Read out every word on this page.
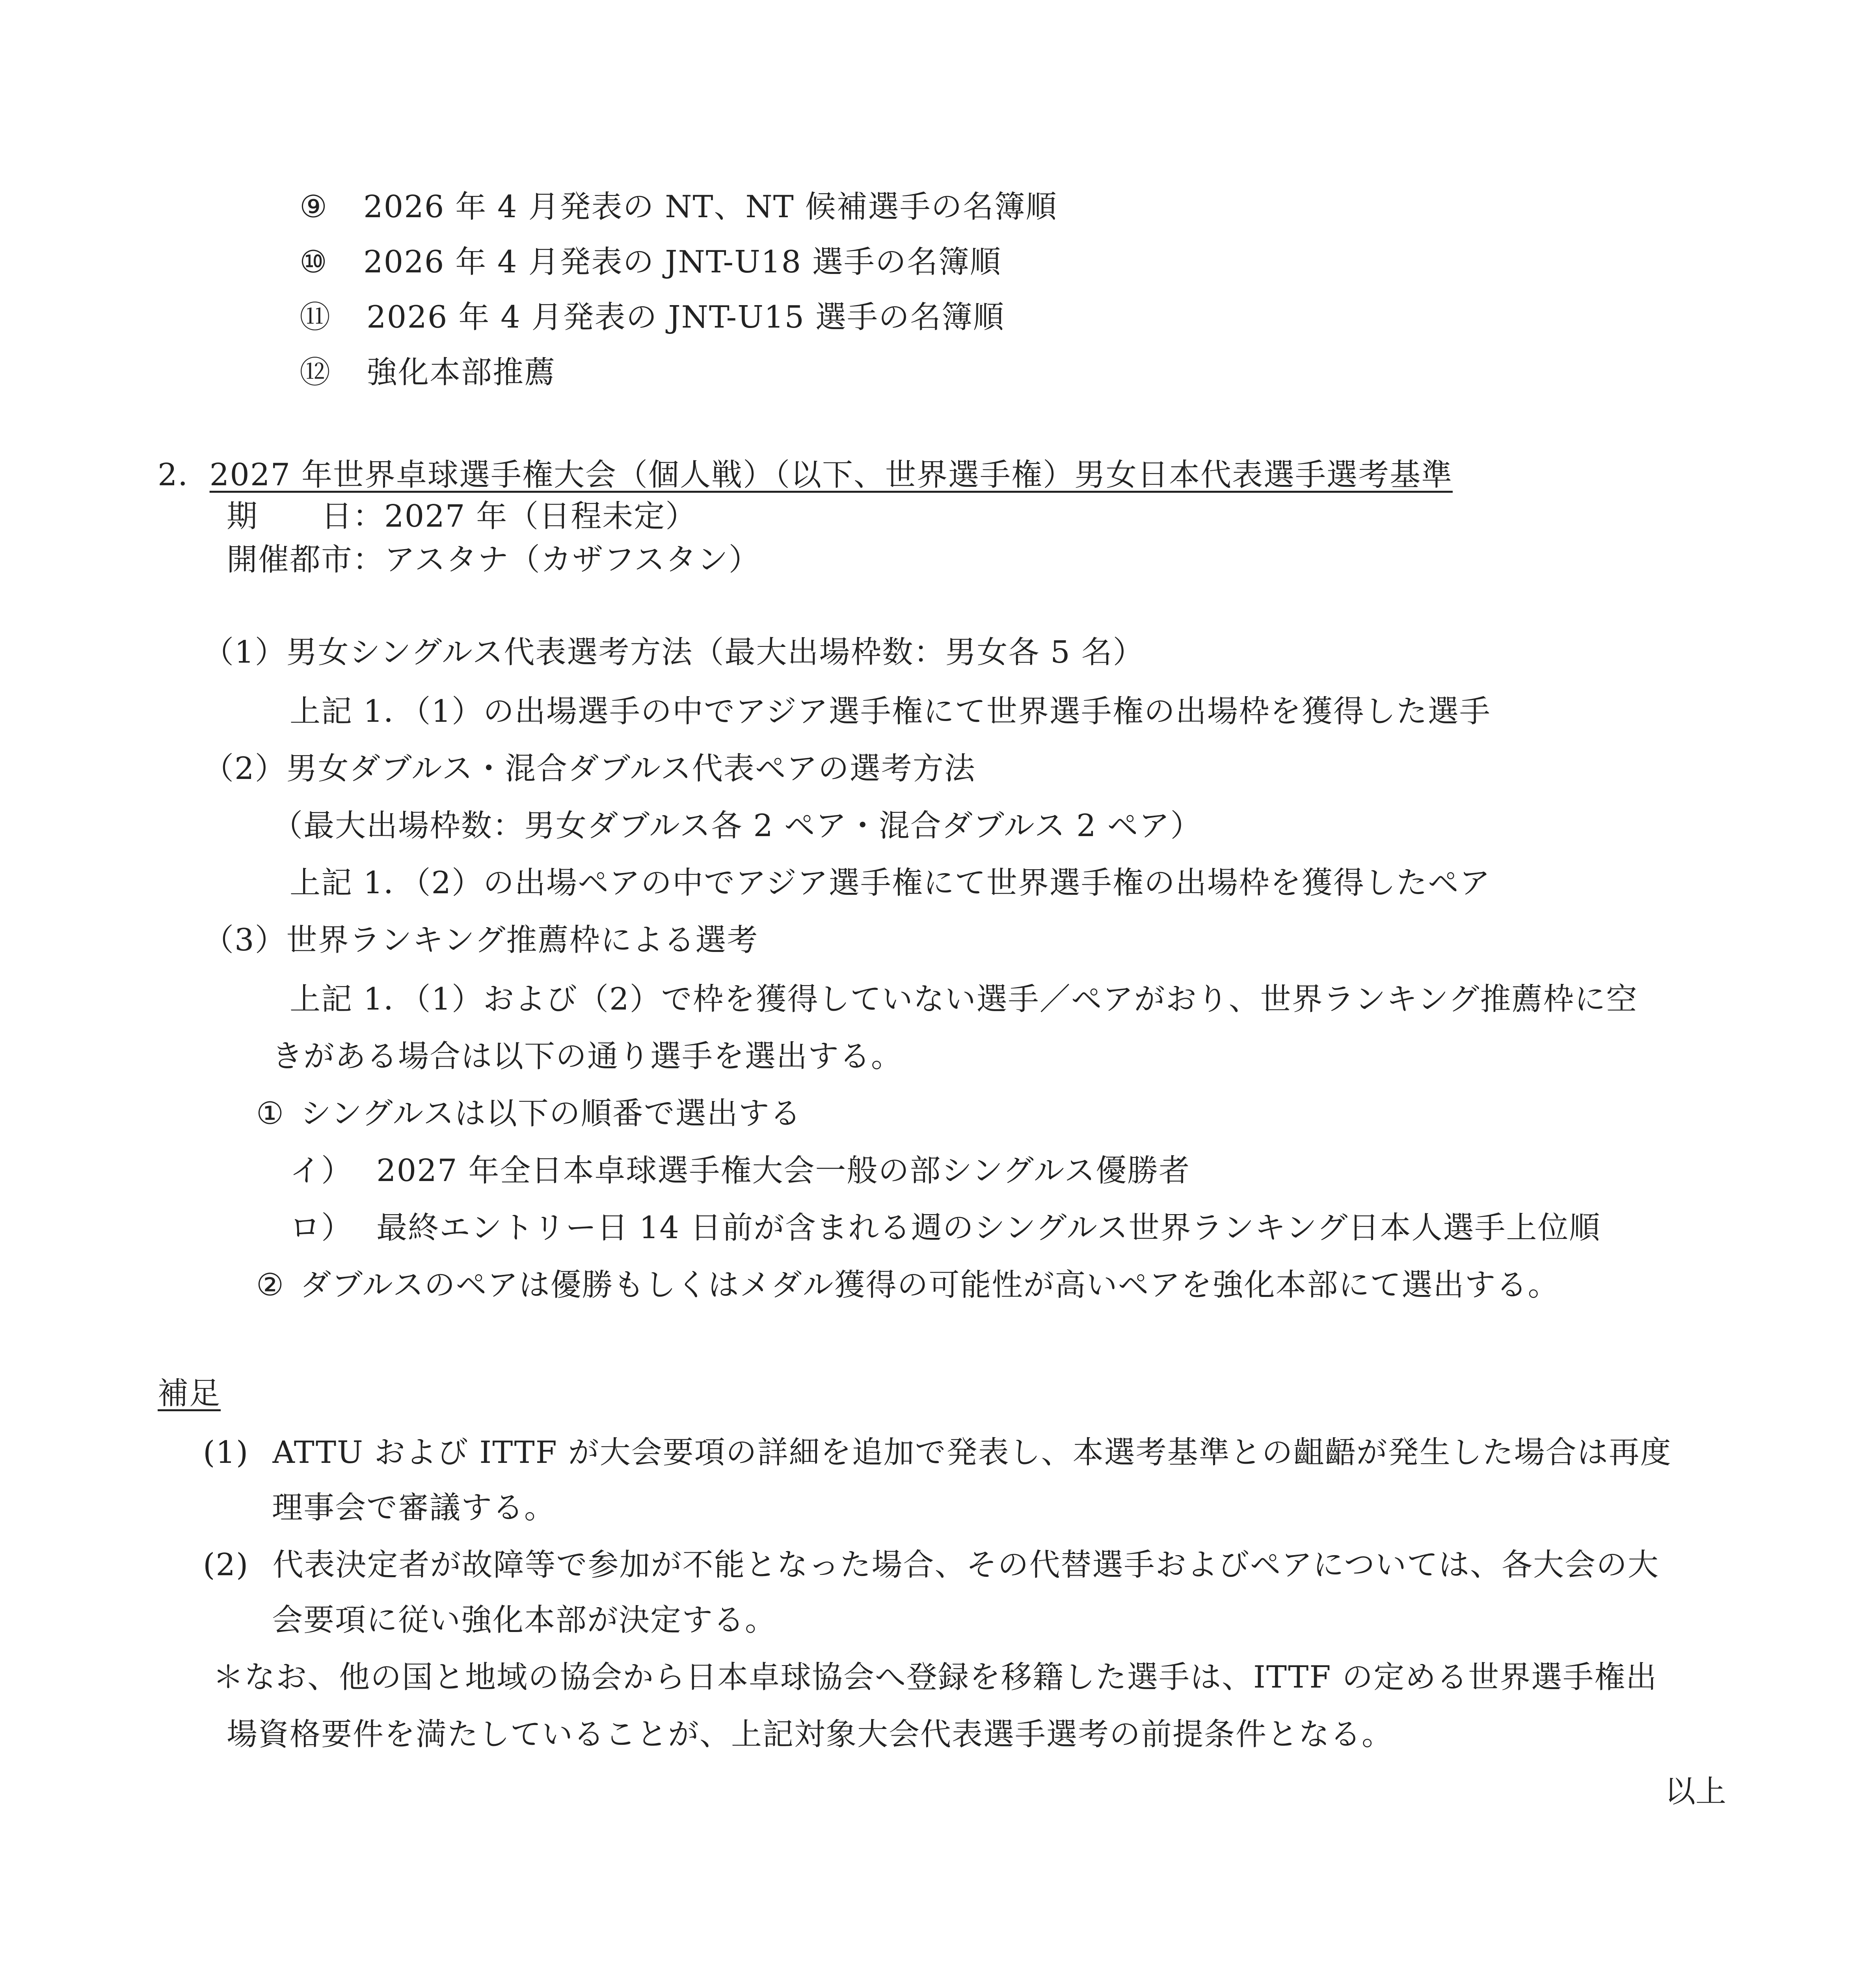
⑨ 2026 年 4 月発表の NT、NT 候補選手の名簿順
⑩ 2026 年 4 月発表の JNT-U18 選手の名簿順
⑪ 2026 年 4 月発表の JNT-U15 選手の名簿順
⑫ 強化本部推薦
2．2027 年世界卓球選手権大会（個人戦）（以下、世界選手権）男女日本代表選手選考基準
期　　日：2027 年（日程未定）
開催都市：アスタナ（カザフスタン）
（1）男女シングルス代表選考方法（最大出場枠数：男女各 5 名）
上記 1．（1）の出場選手の中でアジア選手権にて世界選手権の出場枠を獲得した選手
（2）男女ダブルス・混合ダブルス代表ペアの選考方法
（最大出場枠数：男女ダブルス各 2 ペア・混合ダブルス 2 ペア）
上記 1．（2）の出場ペアの中でアジア選手権にて世界選手権の出場枠を獲得したペア
（3）世界ランキング推薦枠による選考
上記 1．（1）および（2）で枠を獲得していない選手／ペアがおり、世界ランキング推薦枠に空
きがある場合は以下の通り選手を選出する。
① シングルスは以下の順番で選出する
イ） 2027 年全日本卓球選手権大会一般の部シングルス優勝者
ロ） 最終エントリー日 14 日前が含まれる週のシングルス世界ランキング日本人選手上位順
② ダブルスのペアは優勝もしくはメダル獲得の可能性が高いペアを強化本部にて選出する。
補足
(1) ATTU および ITTF が大会要項の詳細を追加で発表し、本選考基準との齟齬が発生した場合は再度
理事会で審議する。
(2) 代表決定者が故障等で参加が不能となった場合、その代替選手およびペアについては、各大会の大
会要項に従い強化本部が決定する。
＊なお、他の国と地域の協会から日本卓球協会へ登録を移籍した選手は、ITTF の定める世界選手権出
場資格要件を満たしていることが、上記対象大会代表選手選考の前提条件となる。
以上
